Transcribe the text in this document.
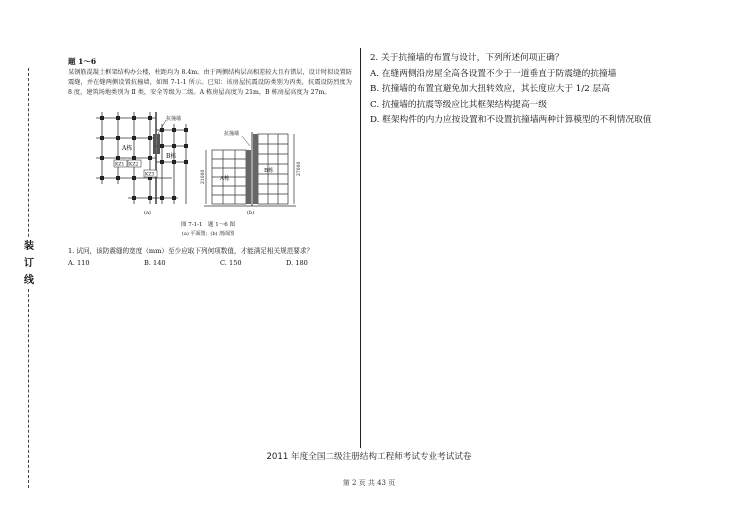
装
订
线
题 1～6
某钢筋混凝土框架结构办公楼，柱距均为 8.4m。由于两侧结构层高相差较大且有错层，设计时拟设置防震缝，并在缝两侧设置抗撞墙，如图 7-1-1 所示。已知：该房屋抗震设防类别为丙类，抗震设防烈度为 8 度，建筑场地类别为 Ⅱ 类，安全等级为二级。A 栋房屋高度为 21m，B 栋房屋高度为 27m。
抗撞墙
A栋
B栋
KZ1 KZ2
KZ3
(a)
抗撞墙
A栋
B栋
21000
27000
(b)
图 7-1-1　题 1～6 图
(a) 平面图；(b) 剖面图
1. 试问，该防震缝的宽度（mm）至少应取下列何项数值，才能满足相关规范要求？
A. 110	B. 140	C. 150	D. 180
2. 关于抗撞墙的布置与设计，下列所述何项正确？
A. 在缝两侧沿房屋全高各设置不少于一道垂直于防震缝的抗撞墙
B. 抗撞墙的布置宜避免加大扭转效应，其长度应大于 1/2 层高
C. 抗撞墙的抗震等级应比其框架结构提高一级
D. 框架构件的内力应按设置和不设置抗撞墙两种计算模型的不利情况取值
2011 年度全国二级注册结构工程师考试专业考试试卷
第 2 页 共 43 页
